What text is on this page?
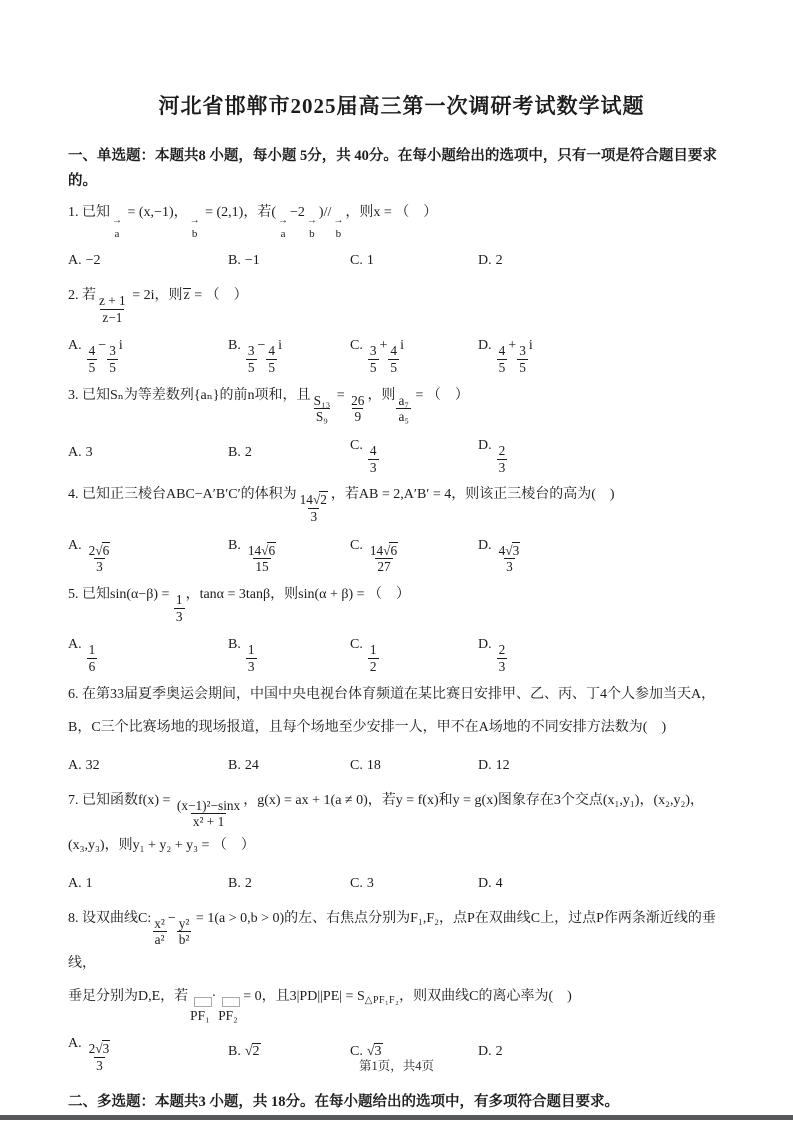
河北省邯郸市2025届高三第一次调研考试数学试题
一、单选题：本题共8 小题，每小题 5分，共 40分。在每小题给出的选项中，只有一项是符合题目要求的。
1. 已知
→
a
= (x,−1)，
→
b
= (2,1)，若(
→
a
−2
→
b
)//
→
b
，则x = （　）
A. −2	B. −1	C. 1	D. 2
2. 若 $\frac{z + 1}{z-1} = 2i$，则z = （　）
A. $\frac{4}{5} - \frac{3}{5}$ i	B. $\frac{3}{5} - \frac{4}{5}$ i	C. $\frac{3}{5} + \frac{4}{5}$ i	D. $\frac{4}{5} + \frac{3}{5}$ i
3. 已知Sₙ为等差数列{aₙ}的前n项和，且 $\frac{\text{S₁₃}}{\text{S₉}} = \frac{26}{9}$ ，则 $\frac{\text{a₇}}{\text{a₅}}$ = （　）
A. 3	B. 2	C. $\frac{4}{3}$	D. $\frac{2}{3}$
4. 已知正三棱台ABC−A′B′C′的体积为 $\frac{14√2}{3}$ ，若AB = 2,A′B′ = 4，则该正三棱台的高为(　)
A. $\frac{2√6}{3}$	B. $\frac{14√6}{15}$	C. $\frac{14√6}{27}$	D. $\frac{4√3}{3}$
5. 已知$\sin(\alpha-\beta) = \frac{1}{3}$ ，tanα = 3tanβ，则sin(α + β) = （　）
A. $\frac{1}{6}$	B. $\frac{1}{3}$	C. $\frac{1}{2}$	D. $\frac{2}{3}$
6. 在第33届夏季奥运会期间，中国中央电视台体育频道在某比赛日安排甲、乙、丙、丁4个人参加当天A，
B，C三个比赛场地的现场报道，且每个场地至少安排一人，甲不在A场地的不同安排方法数为(　)
A. 32	B. 24	C. 18	D. 12
7. 已知函数$f(x) = \frac{\text{(x−1)²−sinx}}{\text{x² + 1}}$ ，g(x) = ax + 1(a ≠ 0)，若y = f(x)和y = g(x)图象存在3个交点(x₁,y₁)，(x₂,y₂)，
(x₃,y₃)，则y₁ + y₂ + y₃ = （　）
A. 1	B. 2	C. 3	D. 4
8. 设双曲线C: $\frac{\text{x²}}{\text{a²}} - \frac{\text{y²}}{\text{b²}} = 1(a > 0,b > 0)$的左、右焦点分别为F₁,F₂，点P在双曲线C上，过点P作两条渐近线的垂线，
垂足分别为D,E，若
PF₁
·
PF₂
= 0，且$3|PD||PE| = S_{\triangle PF_1F_2}$，则双曲线C的离心率为(　)
A. $\frac{2√3}{3}$	B. √2	C. √3	D. 2
二、多选题：本题共3 小题，共 18分。在每小题给出的选项中，有多项符合题目要求。
第1页，共4页
